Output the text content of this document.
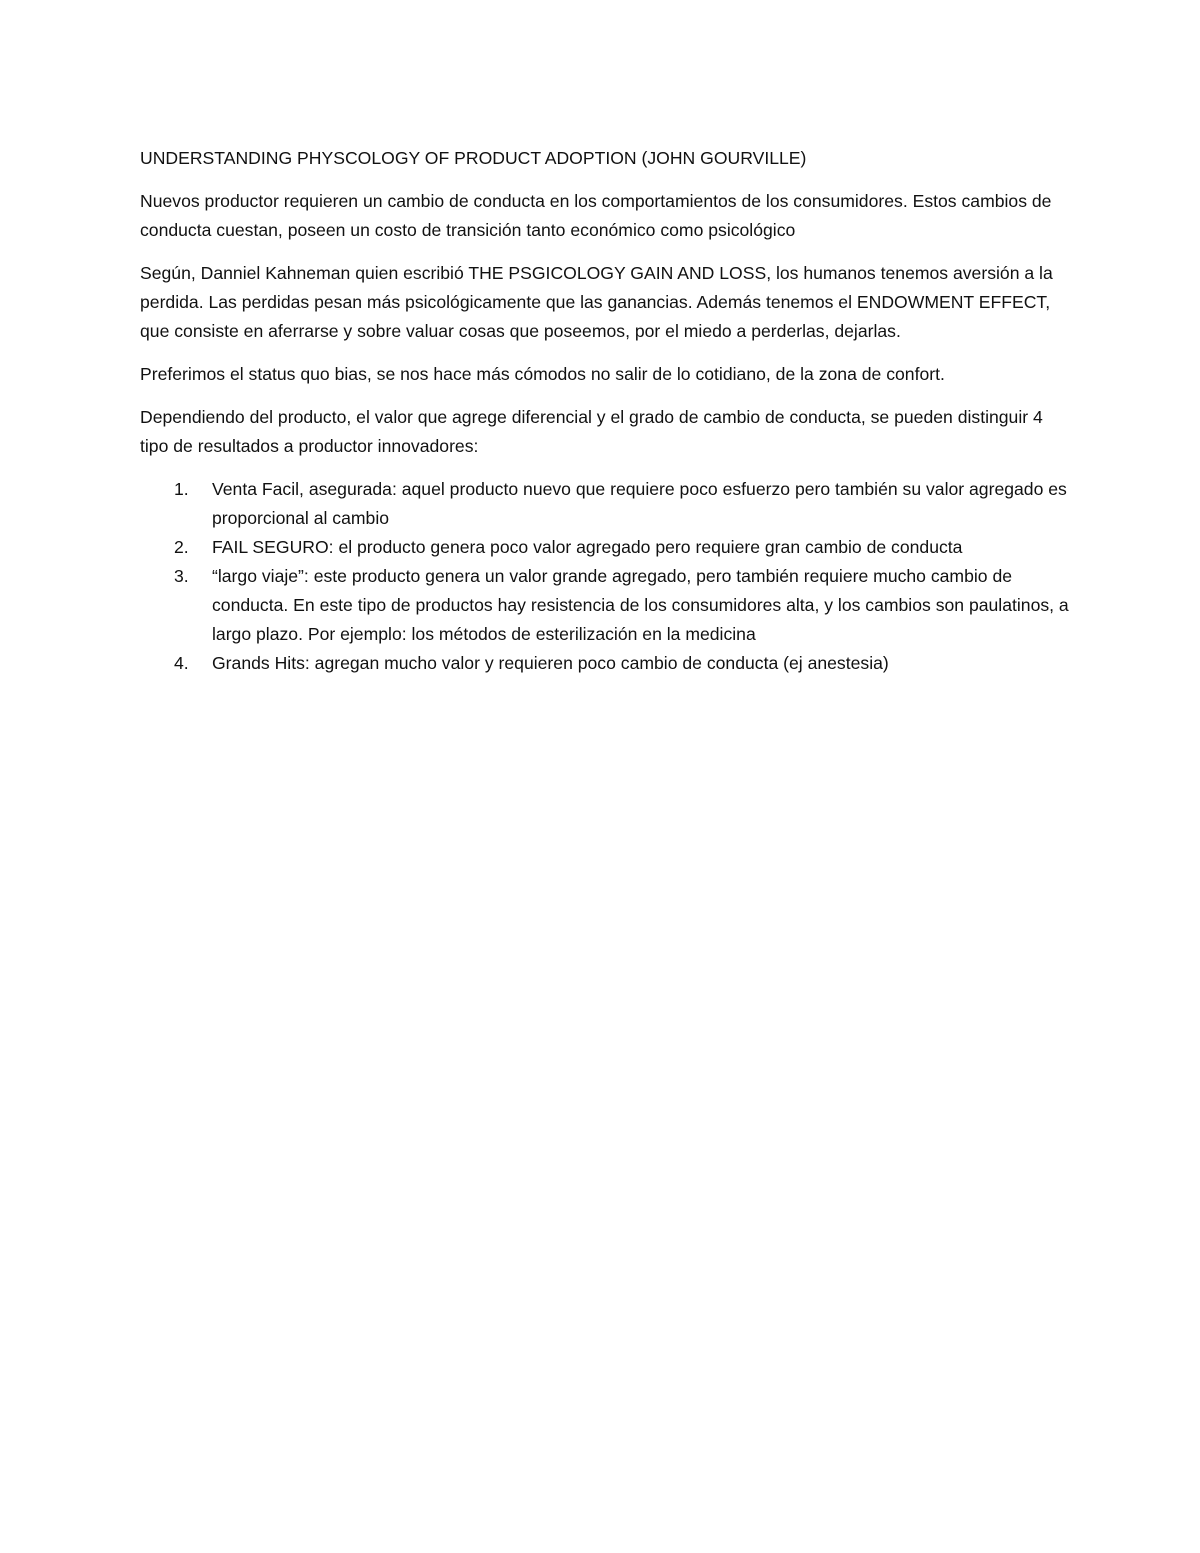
UNDERSTANDING PHYSCOLOGY OF PRODUCT ADOPTION (JOHN GOURVILLE)

Nuevos productor requieren un cambio de conducta en los comportamientos de los consumidores. Estos cambios de conducta cuestan, poseen un costo de transición tanto económico como psicológico

Según, Danniel Kahneman quien escribió THE PSGICOLOGY GAIN AND LOSS, los humanos tenemos aversión a la perdida. Las perdidas pesan más psicológicamente que las ganancias. Además tenemos el ENDOWMENT EFFECT, que consiste en aferrarse y sobre valuar cosas que poseemos, por el miedo a perderlas, dejarlas.

Preferimos el status quo bias, se nos hace más cómodos no salir de lo cotidiano, de la zona de confort.

Dependiendo del producto, el valor que agrege diferencial y el grado de cambio de conducta, se pueden distinguir 4 tipo de resultados a productor innovadores:

1. Venta Facil, asegurada: aquel producto nuevo que requiere poco esfuerzo pero también su valor agregado es proporcional al cambio
2. FAIL SEGURO: el producto genera poco valor agregado pero requiere gran cambio de conducta
3. “largo viaje”: este producto genera un valor grande agregado, pero también requiere mucho cambio de conducta. En este tipo de productos hay resistencia de los consumidores alta, y los cambios son paulatinos, a largo plazo. Por ejemplo: los métodos de esterilización en la medicina
4. Grands Hits: agregan mucho valor y requieren poco cambio de conducta (ej anestesia)
